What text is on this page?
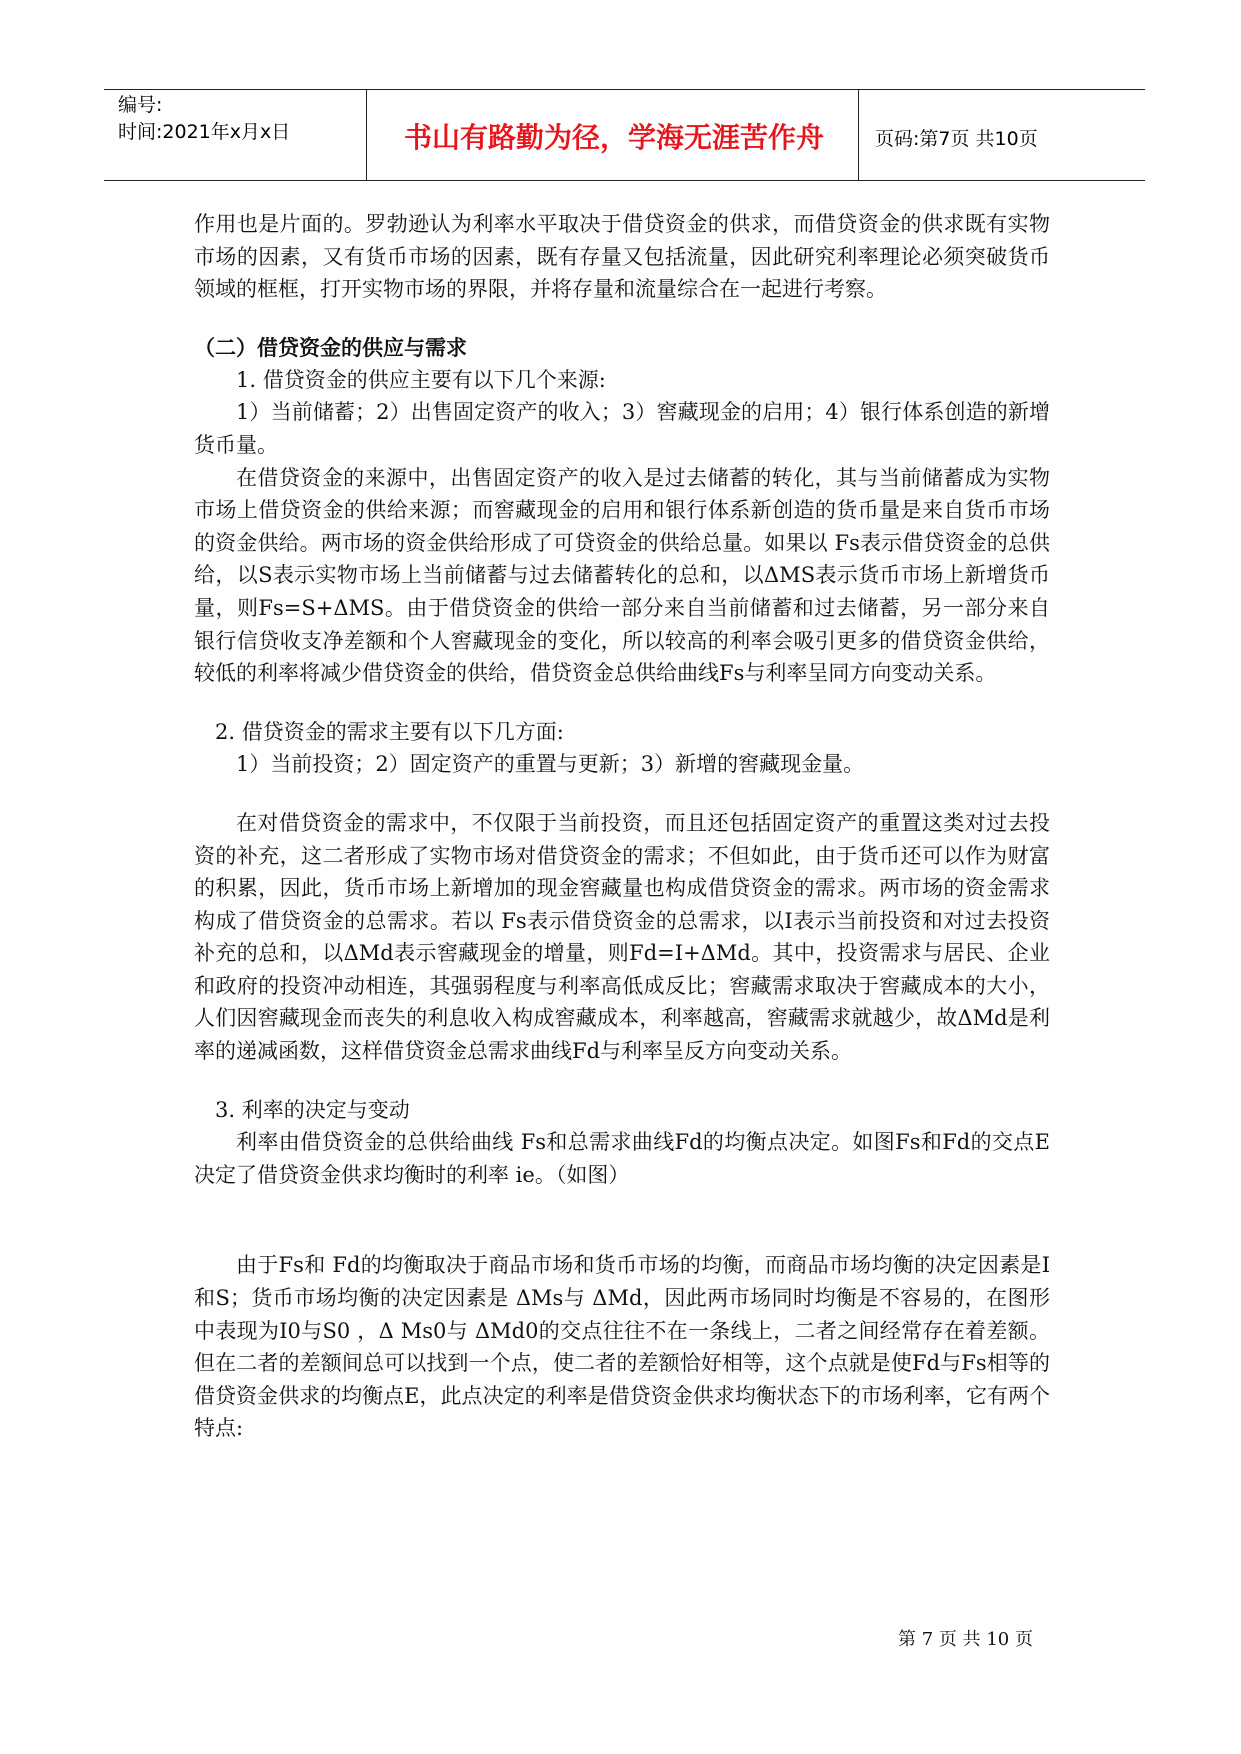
编号:
时间:2021年x月x日	书山有路勤为径，学海无涯苦作舟	页码:第7页 共10页

作用也是片面的。罗勃逊认为利率水平取决于借贷资金的供求，而借贷资金的供求既有实物市场的因素，又有货币市场的因素，既有存量又包括流量，因此研究利率理论必须突破货币领域的框框，打开实物市场的界限，并将存量和流量综合在一起进行考察。

（二）借贷资金的供应与需求

1. 借贷资金的供应主要有以下几个来源:

1）当前储蓄；2）出售固定资产的收入；3）窖藏现金的启用；4）银行体系创造的新增货币量。

在借贷资金的来源中，出售固定资产的收入是过去储蓄的转化，其与当前储蓄成为实物市场上借贷资金的供给来源；而窖藏现金的启用和银行体系新创造的货币量是来自货币市场的资金供给。两市场的资金供给形成了可贷资金的供给总量。如果以 Fs表示借贷资金的总供给，以S表示实物市场上当前储蓄与过去储蓄转化的总和，以ΔMS表示货币市场上新增货币量，则Fs=S+ΔMS。由于借贷资金的供给一部分来自当前储蓄和过去储蓄，另一部分来自银行信贷收支净差额和个人窖藏现金的变化，所以较高的利率会吸引更多的借贷资金供给，较低的利率将减少借贷资金的供给，借贷资金总供给曲线Fs与利率呈同方向变动关系。

2. 借贷资金的需求主要有以下几方面:

1）当前投资；2）固定资产的重置与更新；3）新增的窖藏现金量。

在对借贷资金的需求中，不仅限于当前投资，而且还包括固定资产的重置这类对过去投资的补充，这二者形成了实物市场对借贷资金的需求；不但如此，由于货币还可以作为财富的积累，因此，货币市场上新增加的现金窖藏量也构成借贷资金的需求。两市场的资金需求构成了借贷资金的总需求。若以 Fs表示借贷资金的总需求，以I表示当前投资和对过去投资补充的总和，以ΔMd表示窖藏现金的增量，则Fd=I+ΔMd。其中，投资需求与居民、企业和政府的投资冲动相连，其强弱程度与利率高低成反比；窖藏需求取决于窖藏成本的大小，人们因窖藏现金而丧失的利息收入构成窖藏成本，利率越高，窖藏需求就越少，故ΔMd是利率的递减函数，这样借贷资金总需求曲线Fd与利率呈反方向变动关系。

3. 利率的决定与变动

利率由借贷资金的总供给曲线 Fs和总需求曲线Fd的均衡点决定。如图Fs和Fd的交点E决定了借贷资金供求均衡时的利率 ie。（如图）

由于Fs和 Fd的均衡取决于商品市场和货币市场的均衡，而商品市场均衡的决定因素是I和S；货币市场均衡的决定因素是 ΔMs与 ΔMd，因此两市场同时均衡是不容易的，在图形中表现为I0与S0 ，Δ Ms0与 ΔMd0的交点往往不在一条线上，二者之间经常存在着差额。但在二者的差额间总可以找到一个点，使二者的差额恰好相等，这个点就是使Fd与Fs相等的借贷资金供求的均衡点E，此点决定的利率是借贷资金供求均衡状态下的市场利率，它有两个特点:

第 7 页 共 10 页
